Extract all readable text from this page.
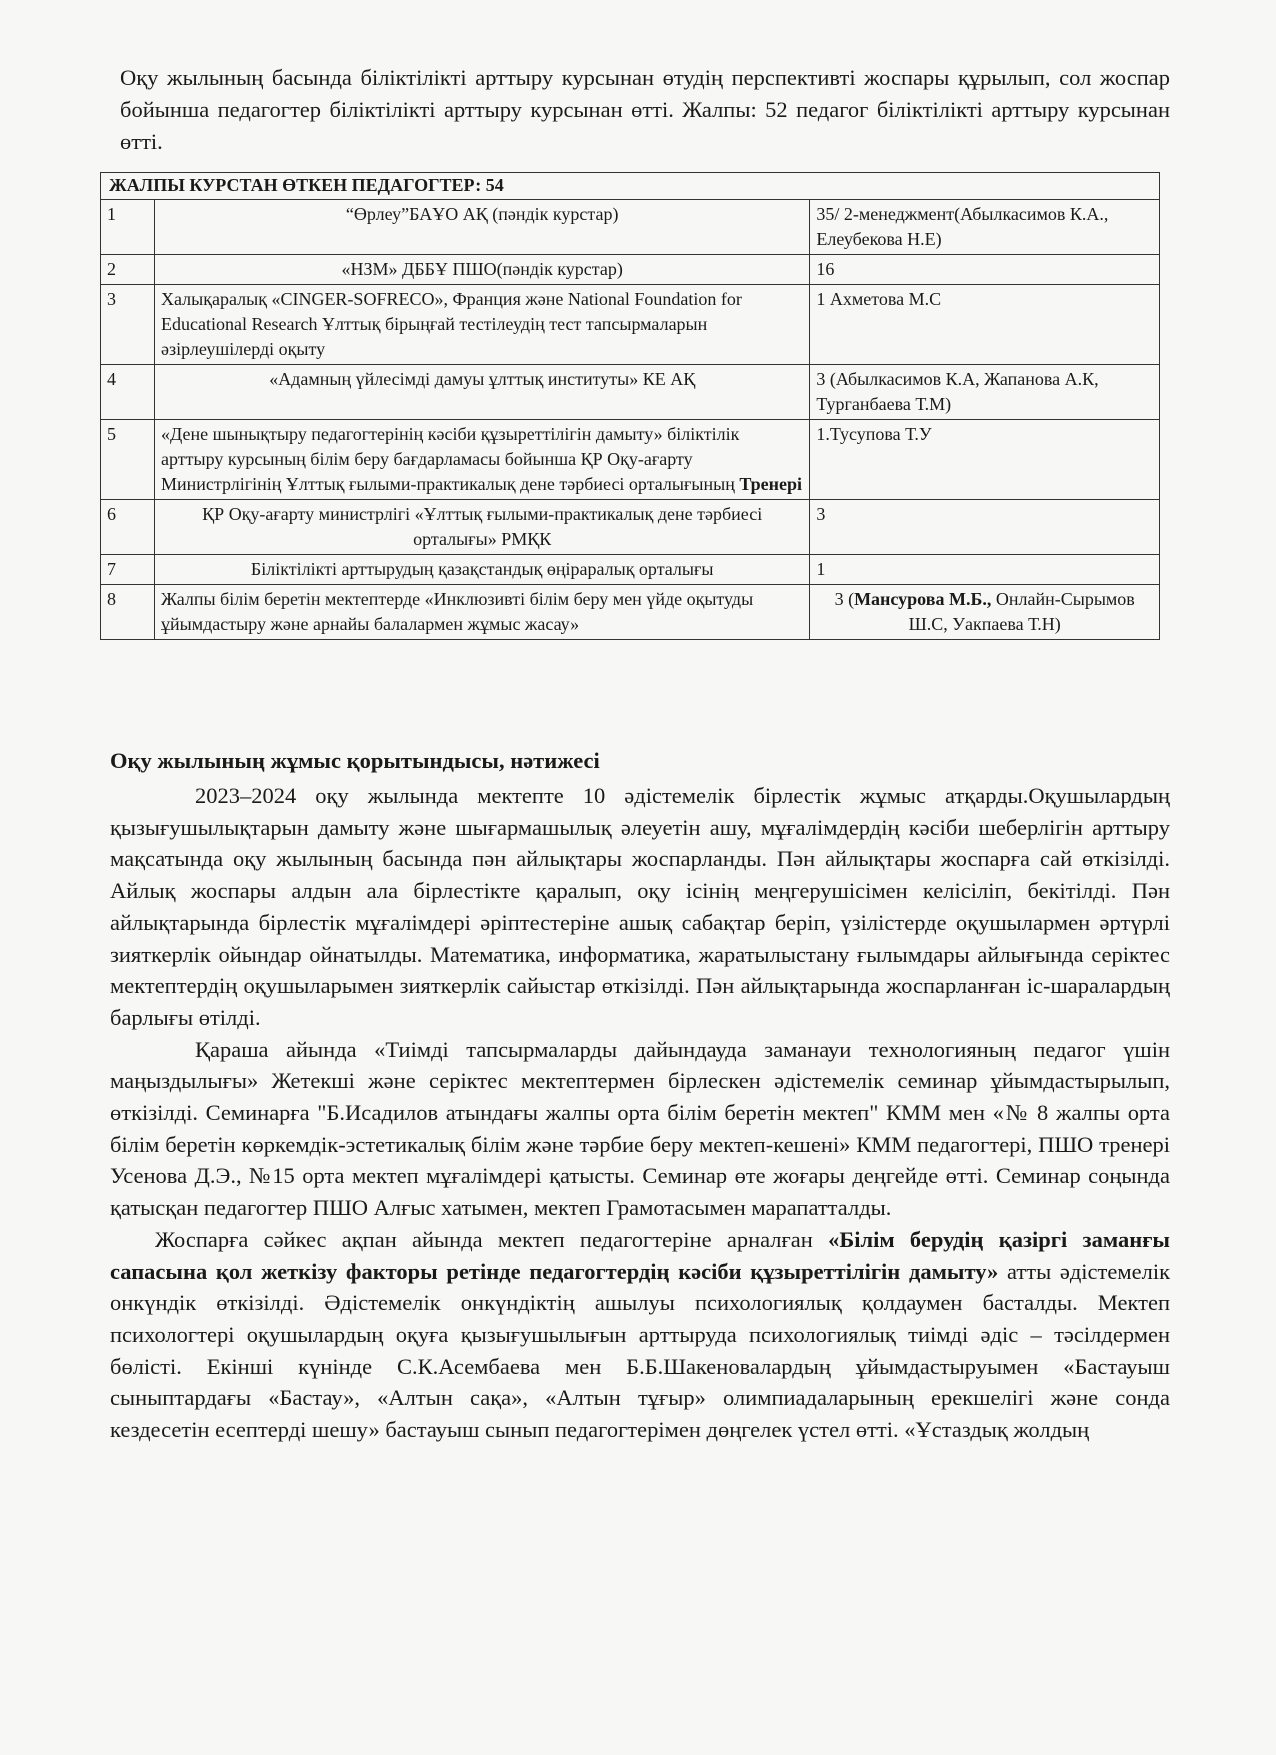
Оқу жылының басында біліктілікті арттыру курсынан өтудің перспективті жоспары құрылып, сол жоспар бойынша педагогтер біліктілікті арттыру курсынан өтті. Жалпы: 52 педагог біліктілікті арттыру курсынан өтті.
ЖАЛПЫ КУРСТАН ӨТКЕН ПЕДАГОГТЕР: 54		
1	“Өрлеу”БАҰО АҚ (пәндік курстар)	35/ 2-менеджмент(Абылкасимов К.А., Елеубекова Н.Е)
2	«НЗМ» ДББҰ ПШО(пәндік курстар)	16
3	Халықаралық «CINGER-SOFRECO», Франция және National Foundation for Educational Research Ұлттық бірыңғай тестілеудің тест тапсырмаларын әзірлеушілерді оқыту	1 Ахметова М.С
4	«Адамның үйлесімді дамуы ұлттық институты» КЕ АҚ	3 (Абылкасимов К.А, Жапанова А.К, Турганбаева Т.М)
5	«Дене шынықтыру педагогтерінің кәсіби құзыреттілігін дамыту» біліктілік арттыру курсының білім беру бағдарламасы бойынша ҚР Оқу-ағарту Министрлігінің Ұлттық ғылыми-практикалық дене тәрбиесі орталығының Тренері	1.Тусупова Т.У
6	ҚР Оқу-ағарту министрлігі «Ұлттық ғылыми-практикалық дене тәрбиесі орталығы» РМҚК	3
7	Біліктілікті арттырудың қазақстандық өңіраралық орталығы	1
8	Жалпы білім беретін мектептерде «Инклюзивті білім беру мен үйде оқытуды ұйымдастыру және арнайы балалармен жұмыс жасау»	3 (Мансурова М.Б., Онлайн-Сырымов Ш.С, Уакпаева Т.Н)
Оқу жылының жұмыс қорытындысы, нәтижесі

2023–2024 оқу жылында мектепте 10 әдістемелік бірлестік жұмыс атқарды.Оқушылардың қызығушылықтарын дамыту және шығармашылық әлеуетін ашу, мұғалімдердің кәсіби шеберлігін арттыру мақсатында оқу жылының басында пән айлықтары жоспарланды. Пән айлықтары жоспарға сай өткізілді. Айлық жоспары алдын ала бірлестікте қаралып, оқу ісінің меңгерушісімен келісіліп, бекітілді. Пән айлықтарында бірлестік мұғалімдері әріптестеріне ашық сабақтар беріп, үзілістерде оқушылармен әртүрлі зияткерлік ойындар ойнатылды. Математика, информатика, жаратылыстану ғылымдары айлығында серіктес мектептердің оқушыларымен зияткерлік сайыстар өткізілді. Пән айлықтарында жоспарланған іс-шаралардың барлығы өтілді.

Қараша айында «Тиімді тапсырмаларды дайындауда заманауи технологияның педагог үшін маңыздылығы» Жетекші және серіктес мектептермен бірлескен әдістемелік семинар ұйымдастырылып, өткізілді. Семинарға "Б.Исадилов атындағы жалпы орта білім беретін мектеп" КММ мен «№ 8 жалпы орта білім беретін көркемдік-эстетикалық білім және тәрбие беру мектеп-кешені» КММ педагогтері, ПШО тренері Усенова Д.Э., №15 орта мектеп мұғалімдері қатысты. Семинар өте жоғары деңгейде өтті. Семинар соңында қатысқан педагогтер ПШО Алғыс хатымен, мектеп Грамотасымен марапатталды.

Жоспарға сәйкес ақпан айында мектеп педагогтеріне арналған «Білім берудің қазіргі заманғы сапасына қол жеткізу факторы ретінде педагогтердің кәсіби құзыреттілігін дамыту» атты әдістемелік онкүндік өткізілді. Әдістемелік онкүндіктің ашылуы психологиялық қолдаумен басталды. Мектеп психологтері оқушылардың оқуға қызығушылығын арттыруда психологиялық тиімді әдіс – тәсілдермен бөлісті. Екінші күнінде С.К.Асембаева мен Б.Б.Шакеновалардың ұйымдастыруымен «Бастауыш сыныптардағы «Бастау», «Алтын сақа», «Алтын тұғыр» олимпиадаларының ерекшелігі және сонда кездесетін есептерді шешу» бастауыш сынып педагогтерімен дөңгелек үстел өтті. «Ұстаздық жолдың
